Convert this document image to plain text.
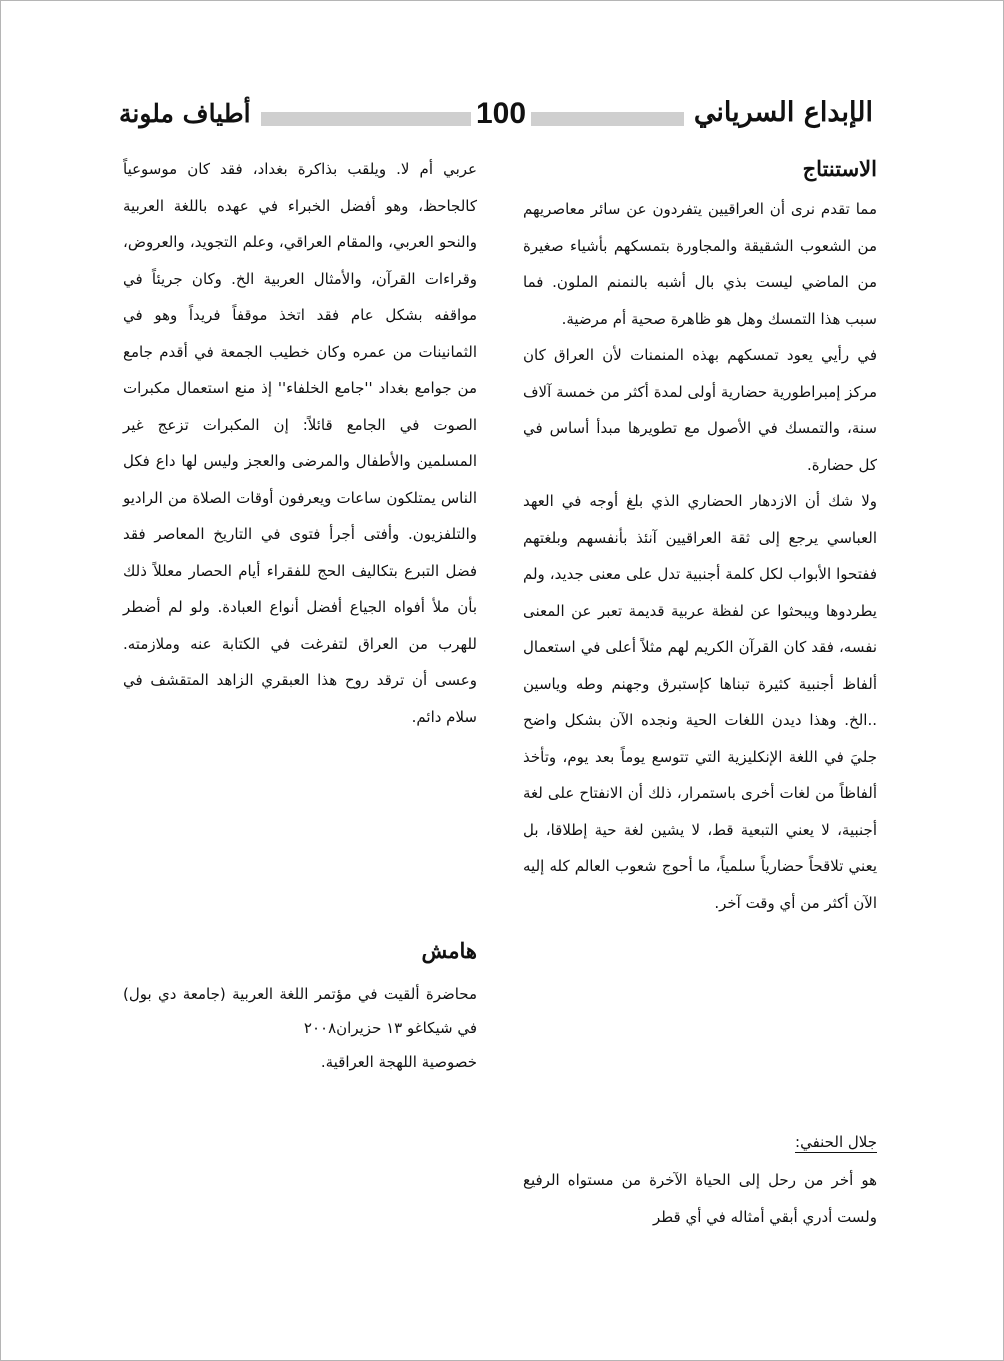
الإبداع السرياني
100
أطياف ملونة
الاستنتاج

مما تقدم نرى أن العراقيين يتفردون عن سائر معاصريهم من الشعوب الشقيقة والمجاورة بتمسكهم بأشياء صغيرة من الماضي ليست بذي بال أشبه بالنمنم الملون. فما سبب هذا التمسك وهل هو ظاهرة صحية أم مرضية.

في رأيي يعود تمسكهم بهذه المنمنات لأن العراق كان مركز إمبراطورية حضارية أولى لمدة أكثر من خمسة آلاف سنة، والتمسك في الأصول مع تطويرها مبدأ أساس في كل حضارة.

ولا شك أن الازدهار الحضاري الذي بلغ أوجه في العهد العباسي يرجع إلى ثقة العراقيين آنئذ بأنفسهم وبلغتهم ففتحوا الأبواب لكل كلمة أجنبية تدل على معنى جديد، ولم يطردوها ويبحثوا عن لفظة عربية قديمة تعبر عن المعنى نفسه، فقد كان القرآن الكريم لهم مثلاً أعلى في استعمال ألفاظ أجنبية كثيرة تبناها كإستبرق وجهنم وطه وياسين ..الخ. وهذا ديدن اللغات الحية ونجده الآن بشكل واضح جليَ في اللغة الإنكليزية التي تتوسع يوماً بعد يوم، وتأخذ ألفاظاً من لغات أخرى باستمرار، ذلك أن الانفتاح على لغة أجنبية، لا يعني التبعية قط، لا يشين لغة حية إطلاقا، بل يعني تلاقحاً حضارياً سلمياً، ما أحوج شعوب العالم كله إليه الآن أكثر من أي وقت آخر.

جلال الحنفي:

هو أخر من رحل إلى الحياة الآخرة من مستواه الرفيع ولست أدري أبقي أمثاله في أي قطر

عربي أم لا. ويلقب بذاكرة بغداد، فقد كان موسوعياً كالجاحظ، وهو أفضل الخبراء في عهده باللغة العربية والنحو العربي، والمقام العراقي، وعلم التجويد، والعروض، وقراءات القرآن، والأمثال العربية الخ. وكان جريئاً في مواقفه بشكل عام فقد اتخذ موقفاً فريداً وهو في الثمانينات من عمره وكان خطيب الجمعة في أقدم جامع من جوامع بغداد ''جامع الخلفاء'' إذ منع استعمال مكبرات الصوت في الجامع قائلاً: إن المكبرات تزعج غير المسلمين والأطفال والمرضى والعجز وليس لها داع فكل الناس يمتلكون ساعات ويعرفون أوقات الصلاة من الراديو والتلفزيون. وأفتى أجرأ فتوى في التاريخ المعاصر فقد فضل التبرع بتكاليف الحج للفقراء أيام الحصار معللاً ذلك بأن ملأ أفواه الجياع أفضل أنواع العبادة. ولو لم أضطر للهرب من العراق لتفرغت في الكتابة عنه وملازمته. وعسى أن ترقد روح هذا العبقري الزاهد المتقشف في سلام دائم.

هامش

محاضرة ألقيت في مؤتمر اللغة العربية (جامعة دي بول) في شيكاغو ١٣ حزيران٢٠٠٨

خصوصية اللهجة العراقية.
